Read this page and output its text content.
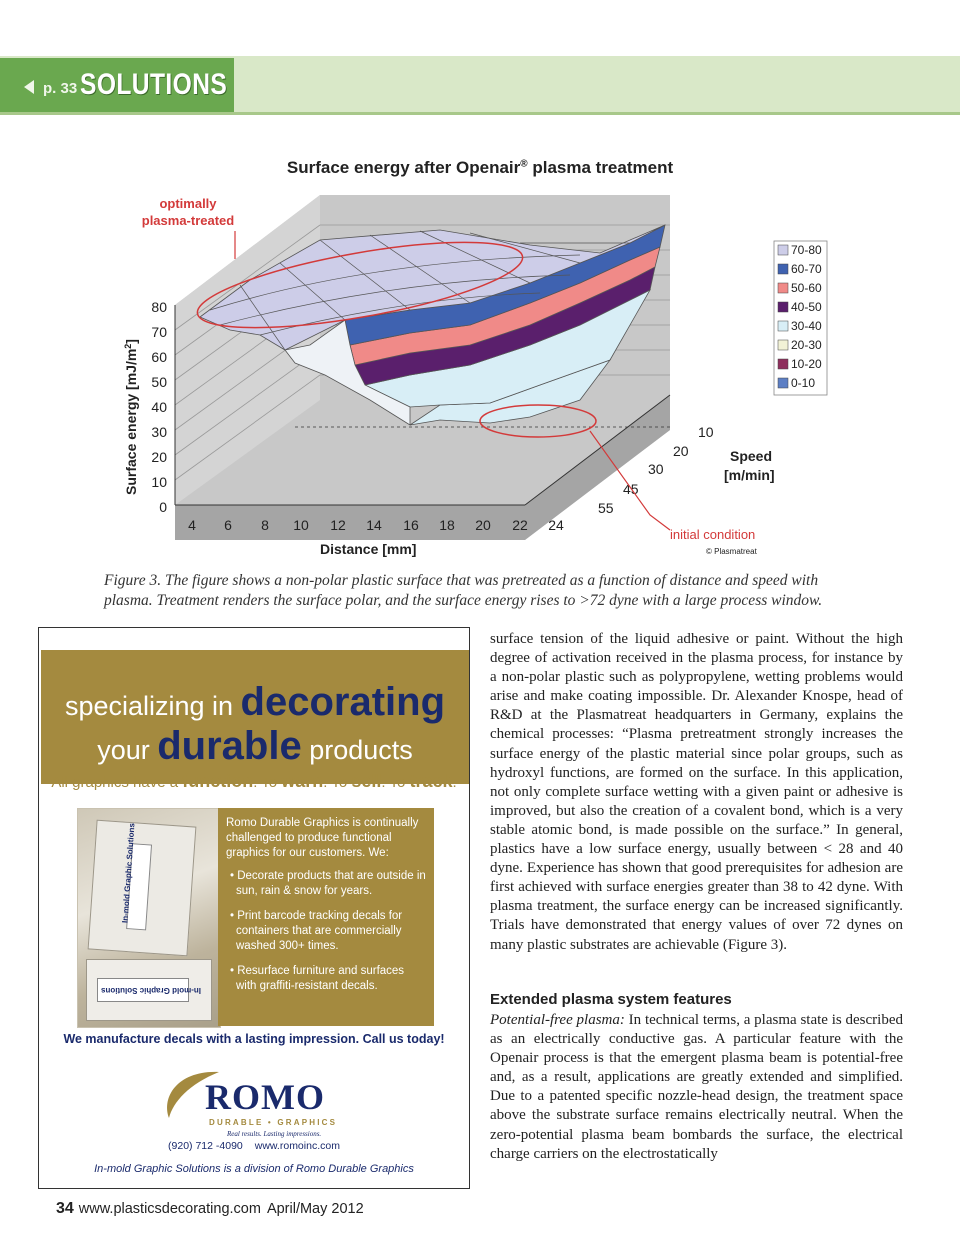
p. 33 SOLUTIONS
Surface energy after Openair® plasma treatment
0
10
20
30
40
50
60
70
80
4 6 8 10 12 14 16 18 20 22 24
10
20
30
45
55
Surface energy $[mJ/m^2]$
Distance [mm]
Speed
[m/min]
optimally
plasma-treated
initial condition
© Plasmatreat
70-80
60-70
50-60
40-50
30-40
20-30
10-20
0-10
Figure 3. The figure shows a non-polar plastic surface that was pretreated as a function of distance and speed with plasma. Treatment renders the surface polar, and the surface energy rises to >72 dyne with a large process window.
specializing in decorating
your durable products
All graphics have a function. To warn. To sell. To track.
In-mold Graphic Solutions
In-mold Graphic Solutions
Romo Durable Graphics is continually challenged to produce functional graphics for our customers. We:
• Decorate products that are outside in sun, rain & snow for years.
• Print barcode tracking decals for containers that are commercially washed 300+ times.
• Resurface furniture and surfaces with graffiti-resistant decals.
We manufacture decals with a lasting impression. Call us today!
ROMO
DURABLE • GRAPHICS
Real results. Lasting impressions.
(920) 712 -4090 www.romoinc.com
In-mold Graphic Solutions is a division of Romo Durable Graphics

surface tension of the liquid adhesive or paint. Without the high degree of activation received in the plasma process, for instance by a non-polar plastic such as polypropylene, wetting problems would arise and make coating impossible. Dr. Alexander Knospe, head of R&D at the Plasmatreat headquarters in Germany, explains the chemical processes: “Plasma pretreatment strongly increases the surface energy of the plastic material since polar groups, such as hydroxyl functions, are formed on the surface. In this application, not only complete surface wetting with a given paint or adhesive is improved, but also the creation of a covalent bond, which is a very stable atomic bond, is made possible on the surface.” In general, plastics have a low surface energy, usually between < 28 and 40 dyne. Experience has shown that good prerequisites for adhesion are first achieved with surface energies greater than 38 to 42 dyne. With plasma treatment, the surface energy can be increased significantly. Trials have demonstrated that energy values of over 72 dynes on many plastic substrates are achievable (Figure 3).

Extended plasma system features
Potential-free plasma: In technical terms, a plasma state is described as an electrically conductive gas. A particular feature with the Openair process is that the emergent plasma beam is potential-free and, as a result, applications are greatly extended and simplified. Due to a patented specific nozzle-head design, the treatment space above the substrate surface remains electrically neutral. When the zero-potential plasma beam bombards the surface, the electrical charge carriers on the electrostatically
34 www.plasticsdecorating.com April/May 2012
